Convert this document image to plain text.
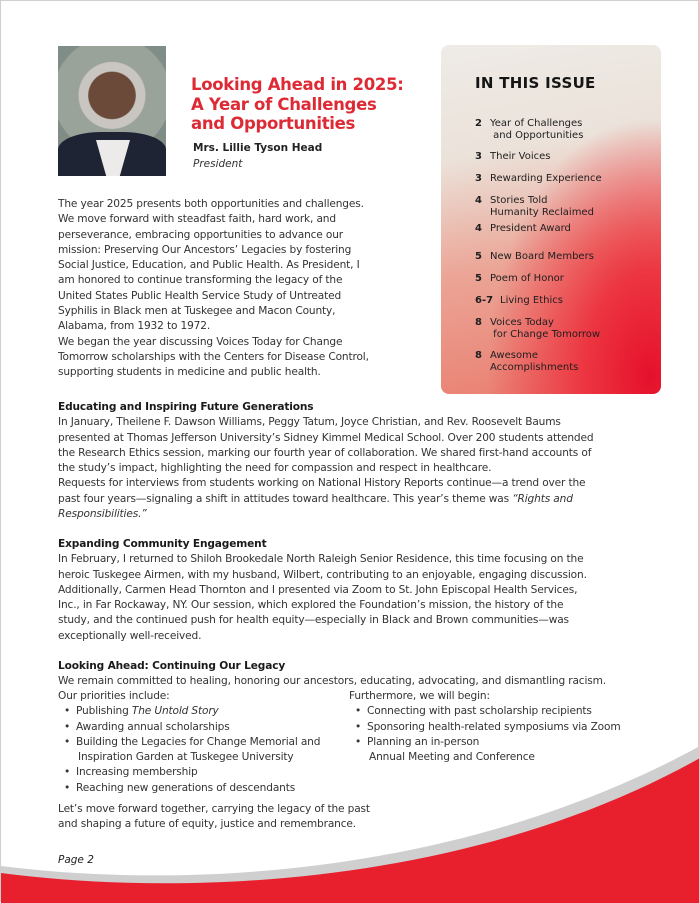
Looking Ahead in 2025:
A Year of Challenges
and Opportunities
Mrs. Lillie Tyson Head
President
The year 2025 presents both opportunities and challenges.
We move forward with steadfast faith, hard work, and
perseverance, embracing opportunities to advance our
mission: Preserving Our Ancestors’ Legacies by fostering
Social Justice, Education, and Public Health. As President, I
am honored to continue transforming the legacy of the
United States Public Health Service Study of Untreated
Syphilis in Black men at Tuskegee and Macon County,
Alabama, from 1932 to 1972.
We began the year discussing Voices Today for Change
Tomorrow scholarships with the Centers for Disease Control,
supporting students in medicine and public health.
Educating and Inspiring Future Generations
In January, Theilene F. Dawson Williams, Peggy Tatum, Joyce Christian, and Rev. Roosevelt Baums
presented at Thomas Jefferson University’s Sidney Kimmel Medical School. Over 200 students attended
the Research Ethics session, marking our fourth year of collaboration. We shared first-hand accounts of
the study’s impact, highlighting the need for compassion and respect in healthcare.
Requests for interviews from students working on National History Reports continue—a trend over the
past four years—signaling a shift in attitudes toward healthcare. This year’s theme was “Rights and
Responsibilities.”
Expanding Community Engagement
In February, I returned to Shiloh Brookedale North Raleigh Senior Residence, this time focusing on the
heroic Tuskegee Airmen, with my husband, Wilbert, contributing to an enjoyable, engaging discussion.
Additionally, Carmen Head Thornton and I presented via Zoom to St. John Episcopal Health Services,
Inc., in Far Rockaway, NY. Our session, which explored the Foundation’s mission, the history of the
study, and the continued push for health equity—especially in Black and Brown communities—was
exceptionally well-received.
Looking Ahead: Continuing Our Legacy
We remain committed to healing, honoring our ancestors, educating, advocating, and dismantling racism.
Our priorities include:
• Publishing The Untold Story
• Awarding annual scholarships
• Building the Legacies for Change Memorial and
Inspiration Garden at Tuskegee University
• Increasing membership
• Reaching new generations of descendants
Furthermore, we will begin:
• Connecting with past scholarship recipients
• Sponsoring health-related symposiums via Zoom
• Planning an in-person
Annual Meeting and Conference
Let’s move forward together, carrying the legacy of the past
and shaping a future of equity, justice and remembrance.
IN THIS ISSUE
2 Year of Challenges
and Opportunities
3 Their Voices
3 Rewarding Experience
4 Stories Told
Humanity Reclaimed
4 President Award
5 New Board Members
5 Poem of Honor
6-7 Living Ethics
8 Voices Today
for Change Tomorrow
8 Awesome
Accomplishments
Page 2
